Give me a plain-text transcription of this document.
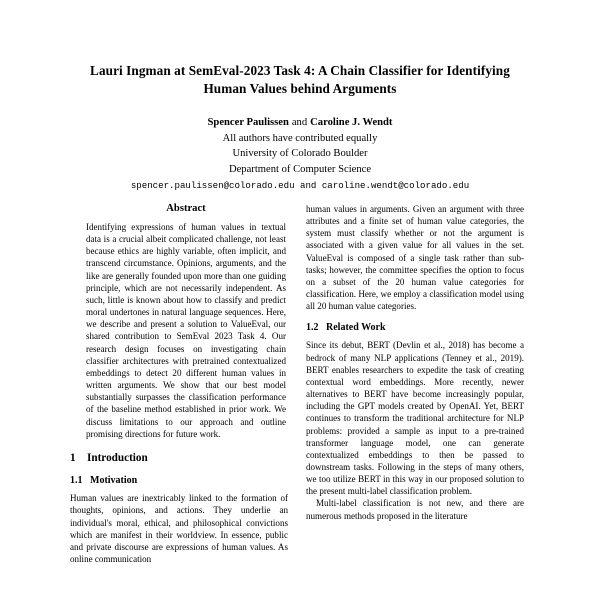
Lauri Ingman at SemEval-2023 Task 4: A Chain Classifier for Identifying Human Values behind Arguments
Spencer Paulissen and Caroline J. Wendt
All authors have contributed equally
University of Colorado Boulder
Department of Computer Science
spencer.paulissen@colorado.edu and caroline.wendt@colorado.edu
Abstract

Identifying expressions of human values in textual data is a crucial albeit complicated challenge, not least because ethics are highly variable, often implicit, and transcend circumstance. Opinions, arguments, and the like are generally founded upon more than one guiding principle, which are not necessarily independent. As such, little is known about how to classify and predict moral undertones in natural language sequences. Here, we describe and present a solution to ValueEval, our shared contribution to SemEval 2023 Task 4. Our research design focuses on investigating chain classifier architectures with pretrained contextualized embeddings to detect 20 different human values in written arguments. We show that our best model substantially surpasses the classification performance of the baseline method established in prior work. We discuss limitations to our approach and outline promising directions for future work.

1 Introduction
1.1 Motivation

Human values are inextricably linked to the formation of thoughts, opinions, and actions. They underlie an individual's moral, ethical, and philosophical convictions which are manifest in their worldview. In essence, public and private discourse are expressions of human values. As online communication

human values in arguments. Given an argument with three attributes and a finite set of human value categories, the system must classify whether or not the argument is associated with a given value for all values in the set. ValueEval is composed of a single task rather than sub-tasks; however, the committee specifies the option to focus on a subset of the 20 human value categories for classification. Here, we employ a classification model using all 20 human value categories.

1.2 Related Work

Since its debut, BERT (Devlin et al., 2018) has become a bedrock of many NLP applications (Tenney et al., 2019). BERT enables researchers to expedite the task of creating contextual word embeddings. More recently, newer alternatives to BERT have become increasingly popular, including the GPT models created by OpenAI. Yet, BERT continues to transform the traditional architecture for NLP problems: provided a sample as input to a pre-trained transformer language model, one can generate contextualized embeddings to then be passed to downstream tasks. Following in the steps of many others, we too utilize BERT in this way in our proposed solution to the present multi-label classification problem.

Multi-label classification is not new, and there are numerous methods proposed in the literature
